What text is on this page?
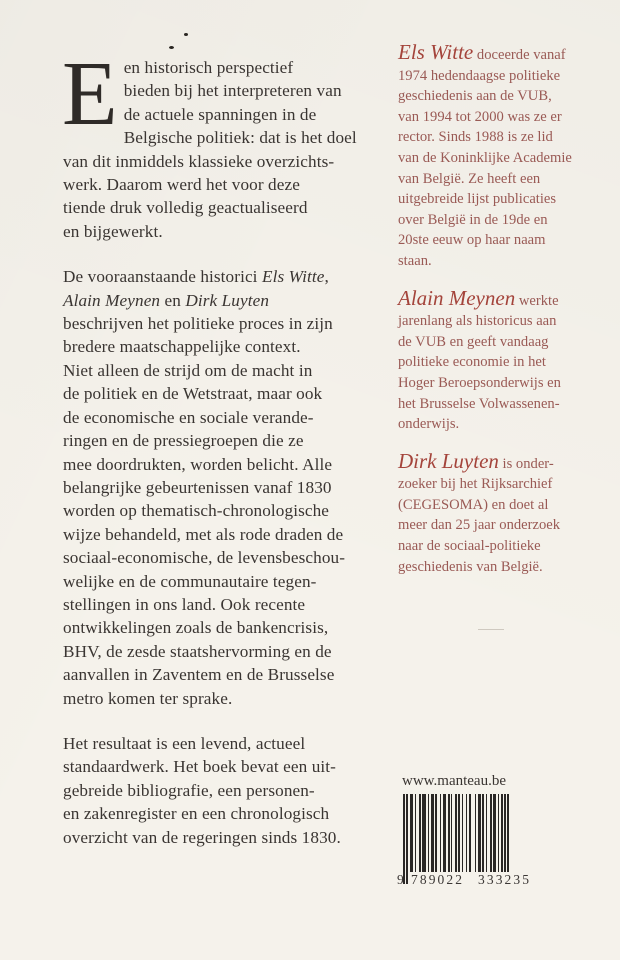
E en historisch perspectief
bieden bij het interpreteren van
de actuele spanningen in de
Belgische politiek: dat is het doel
van dit inmiddels klassieke overzichts-
werk. Daarom werd het voor deze
tiende druk volledig geactualiseerd
en bijgewerkt.
De vooraanstaande historici Els Witte,
Alain Meynen en Dirk Luyten
beschrijven het politieke proces in zijn
bredere maatschappelijke context.
Niet alleen de strijd om de macht in
de politiek en de Wetstraat, maar ook
de economische en sociale verande-
ringen en de pressiegroepen die ze
mee doordrukten, worden belicht. Alle
belangrijke gebeurtenissen vanaf 1830
worden op thematisch-chronologische
wijze behandeld, met als rode draden de
sociaal-economische, de levensbeschou-
welijke en de communautaire tegen-
stellingen in ons land. Ook recente
ontwikkelingen zoals de bankencrisis,
BHV, de zesde staatshervorming en de
aanvallen in Zaventem en de Brusselse
metro komen ter sprake.
Het resultaat is een levend, actueel
standaardwerk. Het boek bevat een uit-
gebreide bibliografie, een personen-
en zakenregister en een chronologisch
overzicht van de regeringen sinds 1830.
Els Witte doceerde vanaf
1974 hedendaagse politieke
geschiedenis aan de VUB,
van 1994 tot 2000 was ze er
rector. Sinds 1988 is ze lid
van de Koninklijke Academie
van België. Ze heeft een
uitgebreide lijst publicaties
over België in de 19de en
20ste eeuw op haar naam
staan.
Alain Meynen werkte
jarenlang als historicus aan
de VUB en geeft vandaag
politieke economie in het
Hoger Beroepsonderwijs en
het Brusselse Volwassenen-
onderwijs.
Dirk Luyten is onder-
zoeker bij het Rijksarchief
(CEGESOMA) en doet al
meer dan 25 jaar onderzoek
naar de sociaal-politieke
geschiedenis van België.
www.manteau.be
9 789022 333235
